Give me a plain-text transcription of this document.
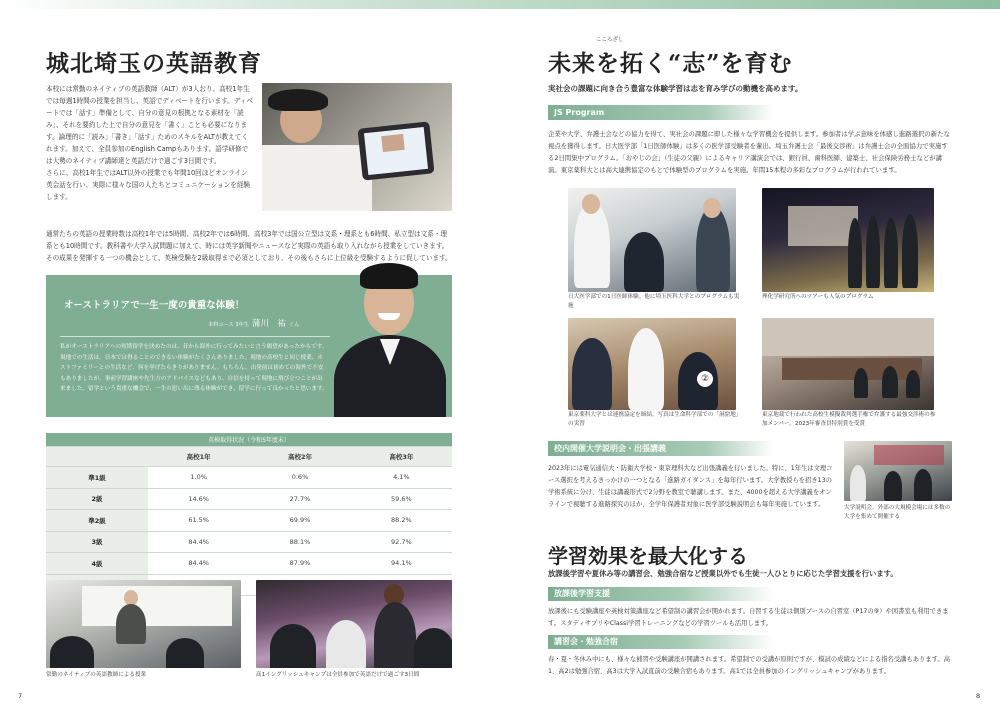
城北埼玉の英語教育
本校には常勤のネイティブの英語教師（ALT）が3人おり、高校1年生では毎週1時間の授業を担当し、英語でディベートを行います。ディベートでは「話す」準備として、自分の意見の根拠となる素材を「読み」、それを要約した上で自分の意見を「書く」ことも必要になります。論理的に「読み」「書き」「話す」ためのスキルをALTが教えてくれます。加えて、全員参加のEnglish Campもあります。語学研修では大勢のネイティブ講師達と英語だけで過ごす3日間です。
さらに、高校1年生ではALT以外の授業でも年間10回ほどオンライン英会話を行い、実際に様々な国の人たちとコミュニケーションを経験します。
通常たちの英語の授業時数は高校1年では5時間、高校2年では6時間、高校3年では国公立型は文系・理系とも6時間、私立型は文系・理系とも10時間です。教科書や大学入試問題に加えて、時には英字新聞やニュースなど実際の英語も取り入れながら授業をしていきます。その成果を発揮する一つの機会として、英検受験を2級取得まで必須としており、その後もさらに上位級を受験するように促しています。
オーストラリアで一生一度の貴重な体験！
本科コース 3年生 蒲川　祐 くん
私がオーストラリアへの短期留学を決めたのは、昔から海外に行ってみたいと言う願望があったからです。現地での生活は、日本では得ることのできない体験がたくさんありました。現地の高校生と同じ授業、ホストファミリーとの生活など、何を挙げたらきりがありません。もちろん、出発前は初めての海外で不安もありましたが、事前学習講座や先生方のアドバイスなどもあり、自信を持って現地に飛び立つことが出来ました。留学という貴重な機会で、一生の思い出に残る体験ができ、留学に行って良かったと思います。
英検取得状況（令和5年度末）			
	高校1年	高校2年	高校3年
準1級	1.0%	0.6%	4.1%
2級	14.6%	27.7%	59.6%
準2級	61.5%	69.9%	88.2%
3級	84.4%	88.1%	92.7%
4級	84.4%	87.9%	94.1%

常勤のネイティブの英語教師による授業	高1イングリッシュキャンプは全員参加で英語だけで過ごす3日間
7
こころざし
未来を拓く“志”を育む
実社会の課題に向き合う豊富な体験学習は志を育み学びの動機を高めます。
JS Program
企業や大学、弁護士会などの協力を得て、実社会の課題に即した様々な学習機会を提供します。参加者は学ぶ意味を体感し進路選択の新たな視点を獲得します。日大医学部「1日医師体験」は多くの医学部受験者を輩出。埼玉弁護士会「最後交渉術」は弁護士会の全面協力で実施する2日間集中プログラム。「おやじの会」（生徒の父親）によるキャリア講演会では、銀行員、歯科医師、建築士、社会保険労務士などが講演。東京薬科大とは高大連携協定のもとで体験型のプログラムを実施。年間15本程の多彩なプログラムが行われています。
日大医学部での1日医師体験。他に埼玉医科大学とのプログラムも実施
理化学研究所へのツアーも人気のプログラム
②
東京薬科大学とは連携協定を締結。写真は生命科学部での「洞窟地」の実習
東京地裁で行われた高校生模擬裁判選手権で弁護する最強交渉術の参加メンバー。2023年審査員特別賞を受賞
校内開催大学説明会・出張講義
2023年には電気通信大・防衛大学校・東京理科大など出張講義を行いました。特に、1年生は文理コース選択を考えるきっかけの一つとなる「進路ガイダンス」を毎年行います。大学教授らを招き13の学術系統に分け、生徒は講義形式で2分野を教室で聴講します。また、4000を超える大学講義をオンラインで視聴する進路探究のほか、全学年保護者対象に医学部受験説明会も毎年実施しています。	大学説明会。外部の大規模会場には多数の大学を集めて開催する
学習効果を最大化する
放課後学習や夏休み等の講習会、勉強合宿など授業以外でも生徒一人ひとりに応じた学習支援を行います。
放課後学習支援
放課後にも受験講座や英検対策講座など希望制の講習会が開かれます。自習する生徒は個別ブースの自習室（P17の⑨）や図書室も利用できます。スタディサプリやClassi学習トレーニングなどの学習ツールも活用します。
講習会・勉強合宿
春・夏・冬休み中にも、様々な補習や受験講座が開講されます。希望制での受講が原則ですが、模試の成績などによる指名受講もあります。高1、高2は勉強合宿、高3は大学入試直前の受験合宿もあります。高1では全員参加のイングリッシュキャンプがあります。
8
